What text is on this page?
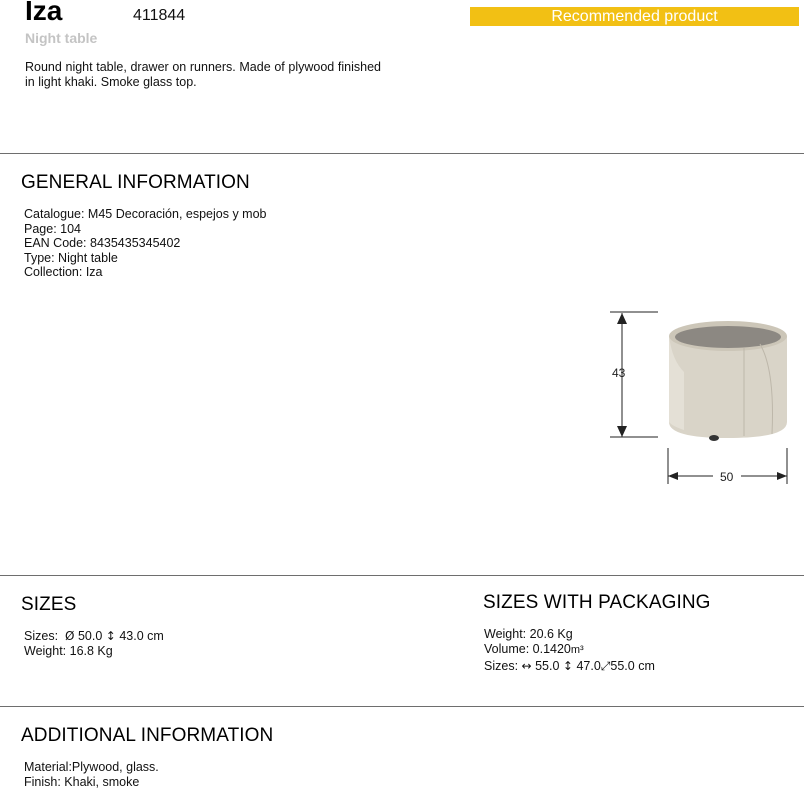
Iza	411844
Night table
Recommended product
Round night table, drawer on runners. Made of plywood finished in light khaki. Smoke glass top.
GENERAL INFORMATION
Catalogue: M45 Decoración, espejos y mob
Page: 104
EAN Code: 8435435345402
Type: Night table
Collection: Iza
43
50
SIZES
Sizes: Ø 50.0 ↕ 43.0 cm
Weight: 16.8 Kg
SIZES WITH PACKAGING
Weight: 20.6 Kg
Volume: 0.1420m³
Sizes: ↔ 55.0 ↕ 47.0⤢55.0 cm
ADDITIONAL INFORMATION
Material:Plywood, glass.
Finish: Khaki, smoke
